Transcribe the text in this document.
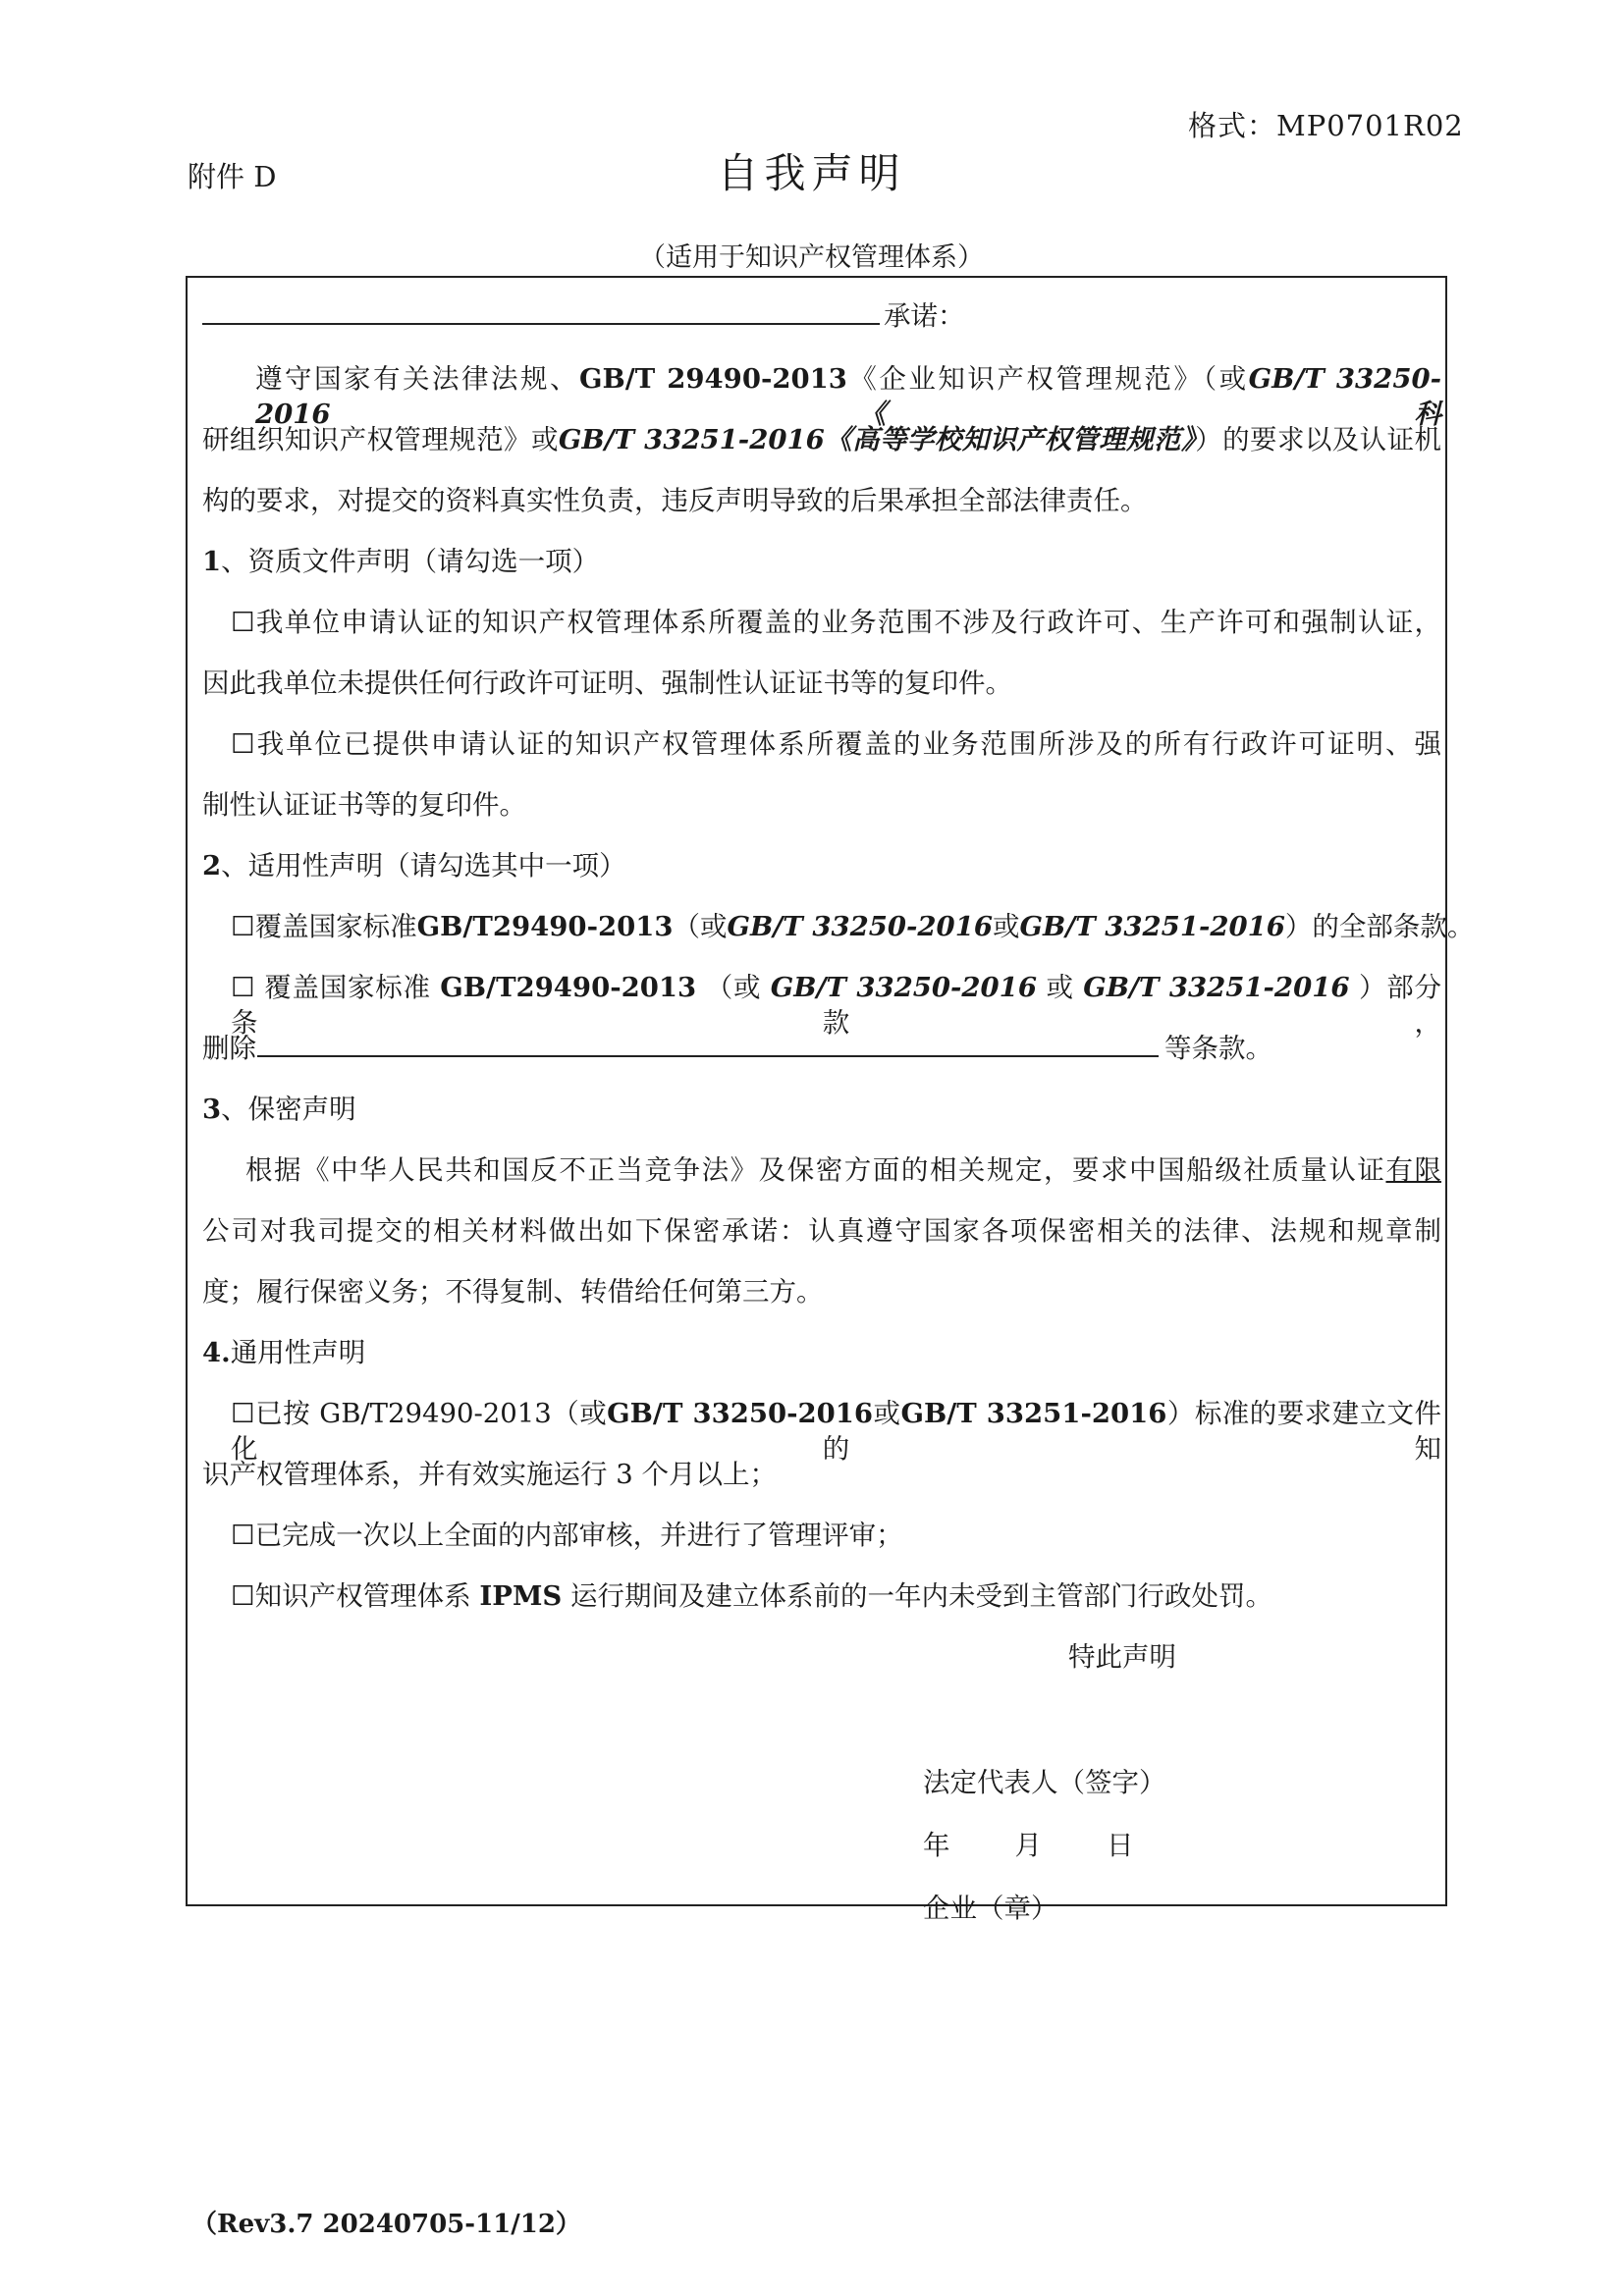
格式：MP0701R02
附件 D	自我声明
（适用于知识产权管理体系）
承诺：
遵守国家有关法律法规、GB/T 29490-2013《企业知识产权管理规范》（或GB/T 33250-2016《科
研组织知识产权管理规范》或GB/T 33251-2016《高等学校知识产权管理规范》）的要求以及认证机
构的要求，对提交的资料真实性负责，违反声明导致的后果承担全部法律责任。
1、资质文件声明（请勾选一项）
☐我单位申请认证的知识产权管理体系所覆盖的业务范围不涉及行政许可、生产许可和强制认证，
因此我单位未提供任何行政许可证明、强制性认证证书等的复印件。
☐我单位已提供申请认证的知识产权管理体系所覆盖的业务范围所涉及的所有行政许可证明、强
制性认证证书等的复印件。
2、适用性声明（请勾选其中一项）
☐覆盖国家标准GB/T29490-2013（或GB/T 33250-2016或GB/T 33251-2016）的全部条款。
☐ 覆盖国家标准 GB/T29490-2013 （或 GB/T 33250-2016 或 GB/T 33251-2016 ）部分条款，
删除	等条款。
3、保密声明
根据《中华人民共和国反不正当竞争法》及保密方面的相关规定，要求中国船级社质量认证有限
公司对我司提交的相关材料做出如下保密承诺：认真遵守国家各项保密相关的法律、法规和规章制
度；履行保密义务；不得复制、转借给任何第三方。
4.通用性声明
☐已按 GB/T29490-2013（或GB/T 33250-2016或GB/T 33251-2016）标准的要求建立文件化的知
识产权管理体系，并有效实施运行 3 个月以上；
☐已完成一次以上全面的内部审核，并进行了管理评审；
☐知识产权管理体系 IPMS 运行期间及建立体系前的一年内未受到主管部门行政处罚。
特此声明
法定代表人（签字）
年 月 日
企业（章）
（Rev3.7 20240705-11/12）
